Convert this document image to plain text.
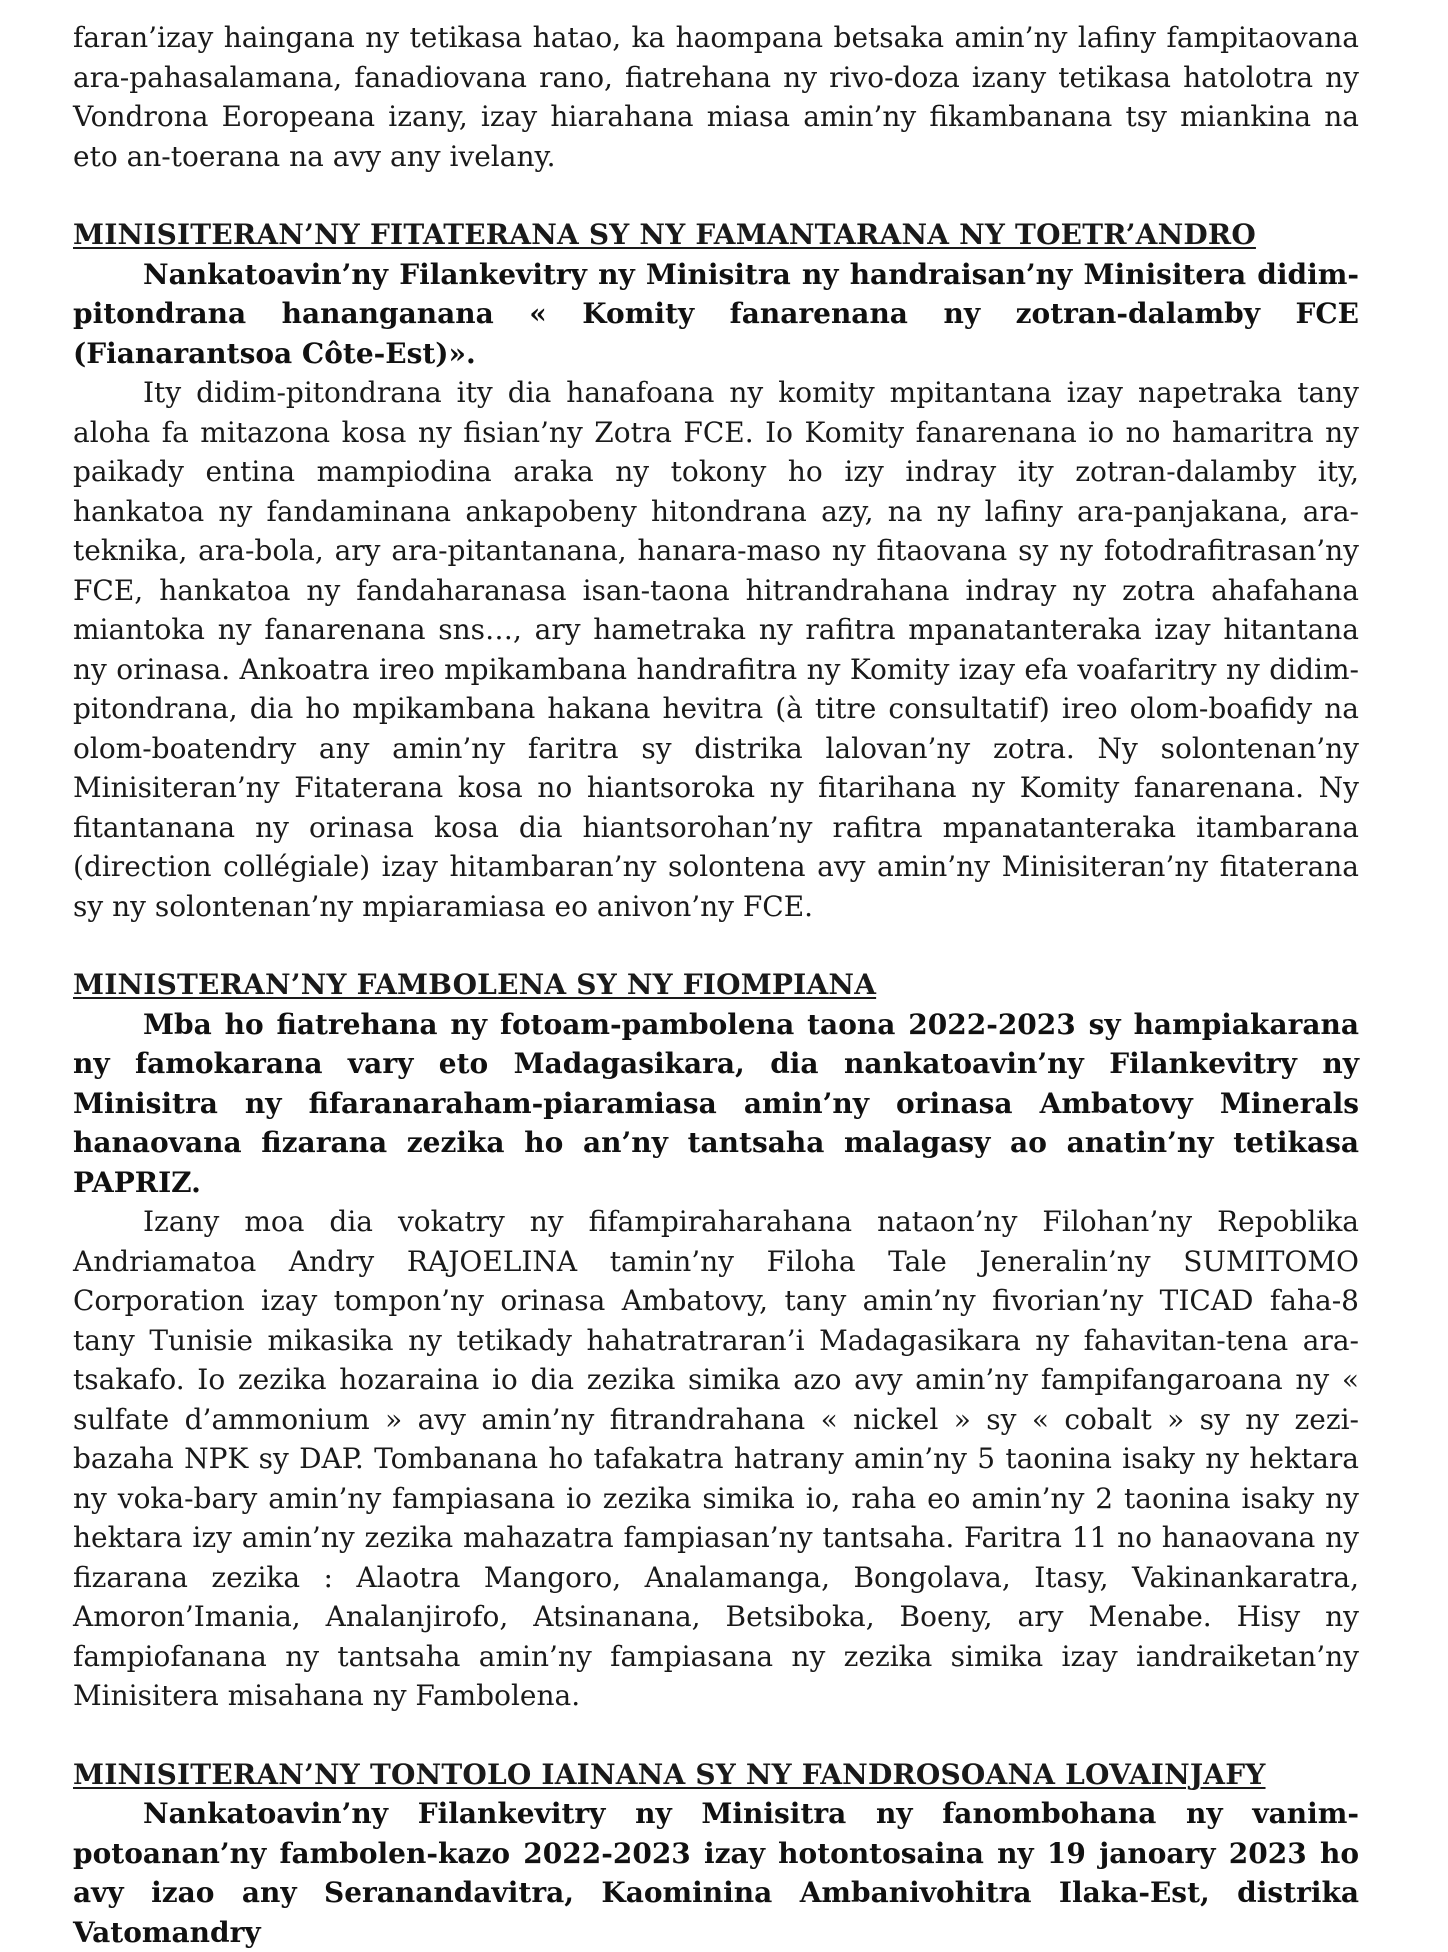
faran’izay haingana ny tetikasa hatao, ka haompana betsaka amin’ny lafiny fampitaovana ara-pahasalamana, fanadiovana rano, fiatrehana ny rivo-doza izany tetikasa hatolotra ny Vondrona Eoropeana izany, izay hiarahana miasa amin’ny fikambanana tsy miankina na eto an-toerana na avy any ivelany.

MINISITERAN’NY FITATERANA SY NY FAMANTARANA NY TOETR’ANDRO

Nankatoavin’ny Filankevitry ny Minisitra ny handraisan’ny Minisitera didim-pitondrana hananganana « Komity fanarenana ny zotran-dalamby FCE (Fianarantsoa Côte-Est)».

Ity didim-pitondrana ity dia hanafoana ny komity mpitantana izay napetraka tany aloha fa mitazona kosa ny fisian’ny Zotra FCE. Io Komity fanarenana io no hamaritra ny paikady entina mampiodina araka ny tokony ho izy indray ity zotran-dalamby ity, hankatoa ny fandaminana ankapobeny hitondrana azy, na ny lafiny ara-panjakana, ara-teknika, ara-bola, ary ara-pitantanana, hanara-maso ny fitaovana sy ny fotodrafitrasan’ny FCE, hankatoa ny fandaharanasa isan-taona hitrandrahana indray ny zotra ahafahana miantoka ny fanarenana sns…, ary hametraka ny rafitra mpanatanteraka izay hitantana ny orinasa. Ankoatra ireo mpikambana handrafitra ny Komity izay efa voafaritry ny didim-pitondrana, dia ho mpikambana hakana hevitra (à titre consultatif) ireo olom-boafidy na olom-boatendry any amin’ny faritra sy distrika lalovan’ny zotra. Ny solontenan’ny Minisiteran’ny Fitaterana kosa no hiantsoroka ny fitarihana ny Komity fanarenana. Ny fitantanana ny orinasa kosa dia hiantsorohan’ny rafitra mpanatanteraka itambarana (direction collégiale) izay hitambaran’ny solontena avy amin’ny Minisiteran’ny fitaterana sy ny solontenan’ny mpiaramiasa eo anivon’ny FCE.

MINISTERAN’NY FAMBOLENA SY NY FIOMPIANA

Mba ho fiatrehana ny fotoam-pambolena taona 2022-2023 sy hampiakarana ny famokarana vary eto Madagasikara, dia nankatoavin’ny Filankevitry ny Minisitra ny fifaranaraham-piaramiasa amin’ny orinasa Ambatovy Minerals hanaovana fizarana zezika ho an’ny tantsaha malagasy ao anatin’ny tetikasa PAPRIZ.

Izany moa dia vokatry ny fifampiraharahana nataon’ny Filohan’ny Repoblika Andriamatoa Andry RAJOELINA tamin’ny Filoha Tale Jeneralin’ny SUMITOMO Corporation izay tompon’ny orinasa Ambatovy, tany amin’ny fivorian’ny TICAD faha-8 tany Tunisie mikasika ny tetikady hahatratraran’i Madagasikara ny fahavitan-tena ara-tsakafo. Io zezika hozaraina io dia zezika simika azo avy amin’ny fampifangaroana ny « sulfate d’ammonium » avy amin’ny fitrandrahana « nickel » sy « cobalt » sy ny zezi-bazaha NPK sy DAP. Tombanana ho tafakatra hatrany amin’ny 5 taonina isaky ny hektara ny voka-bary amin’ny fampiasana io zezika simika io, raha eo amin’ny 2 taonina isaky ny hektara izy amin’ny zezika mahazatra fampiasan’ny tantsaha. Faritra 11 no hanaovana ny fizarana zezika : Alaotra Mangoro, Analamanga, Bongolava, Itasy, Vakinankaratra, Amoron’Imania, Analanjirofo, Atsinanana, Betsiboka, Boeny, ary Menabe. Hisy ny fampiofanana ny tantsaha amin’ny fampiasana ny zezika simika izay iandraiketan’ny Minisitera misahana ny Fambolena.

MINISITERAN’NY TONTOLO IAINANA SY NY FANDROSOANA LOVAINJAFY

Nankatoavin’ny Filankevitry ny Minisitra ny fanombohana ny vanim-potoanan’ny fambolen-kazo 2022-2023 izay hotontosaina ny 19 janoary 2023 ho avy izao any Seranandavitra, Kaominina Ambanivohitra Ilaka-Est, distrika Vatomandry
